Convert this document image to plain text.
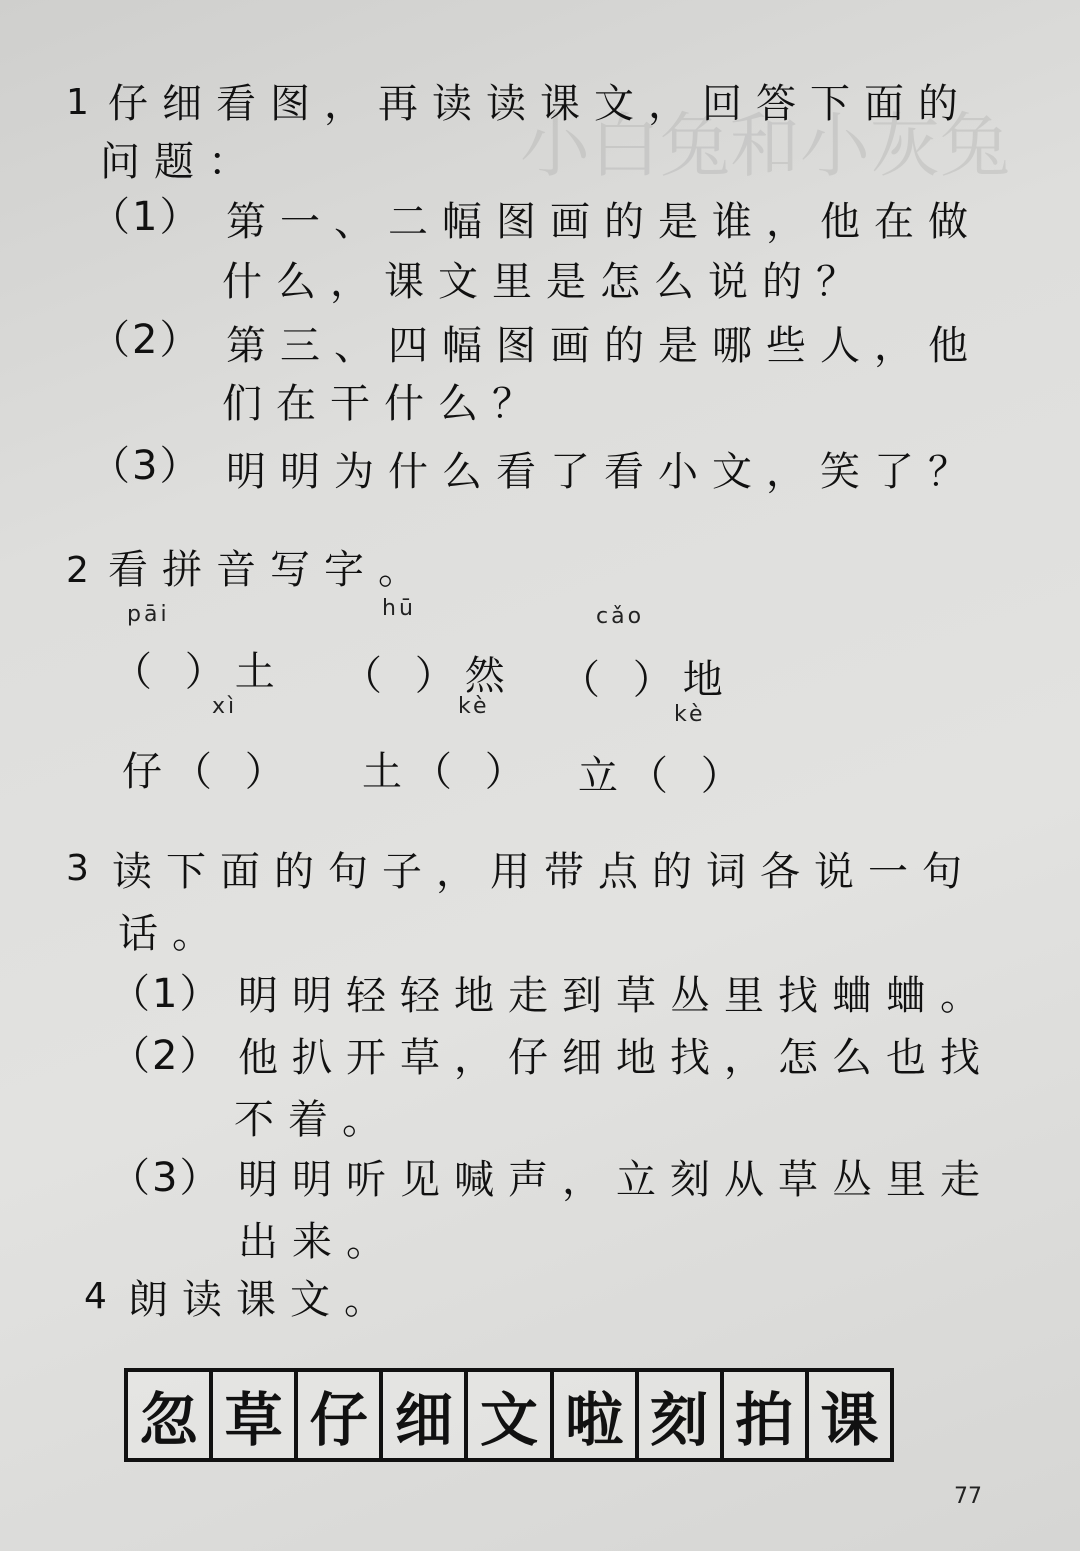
小白兔和小灰兔
1 仔细看图，再读读课文，回答下面的
问题：
（1） 第一、二幅图画的是谁，他在做
什么，课文里是怎么说的？
（2） 第三、四幅图画的是哪些人，他
们在干什么？
（3） 明明为什么看了看小文，笑了？
2 看拼音写字。
pāi	hū	cǎo
（ ）土 （ ）然 （ ）地
xì	kè	kè
仔（ ） 土（ ） 立（ ）
3 读下面的句子，用带点的词各说一句
话。
（1） 明明轻轻地走到草丛里找蛐蛐。
（2） 他扒开草，仔细地找，怎么也找
不着。
（3） 明明听见喊声，立刻从草丛里走
出来。
4 朗读课文。
忽 草 仔 细 文 啦 刻 拍 课
77
